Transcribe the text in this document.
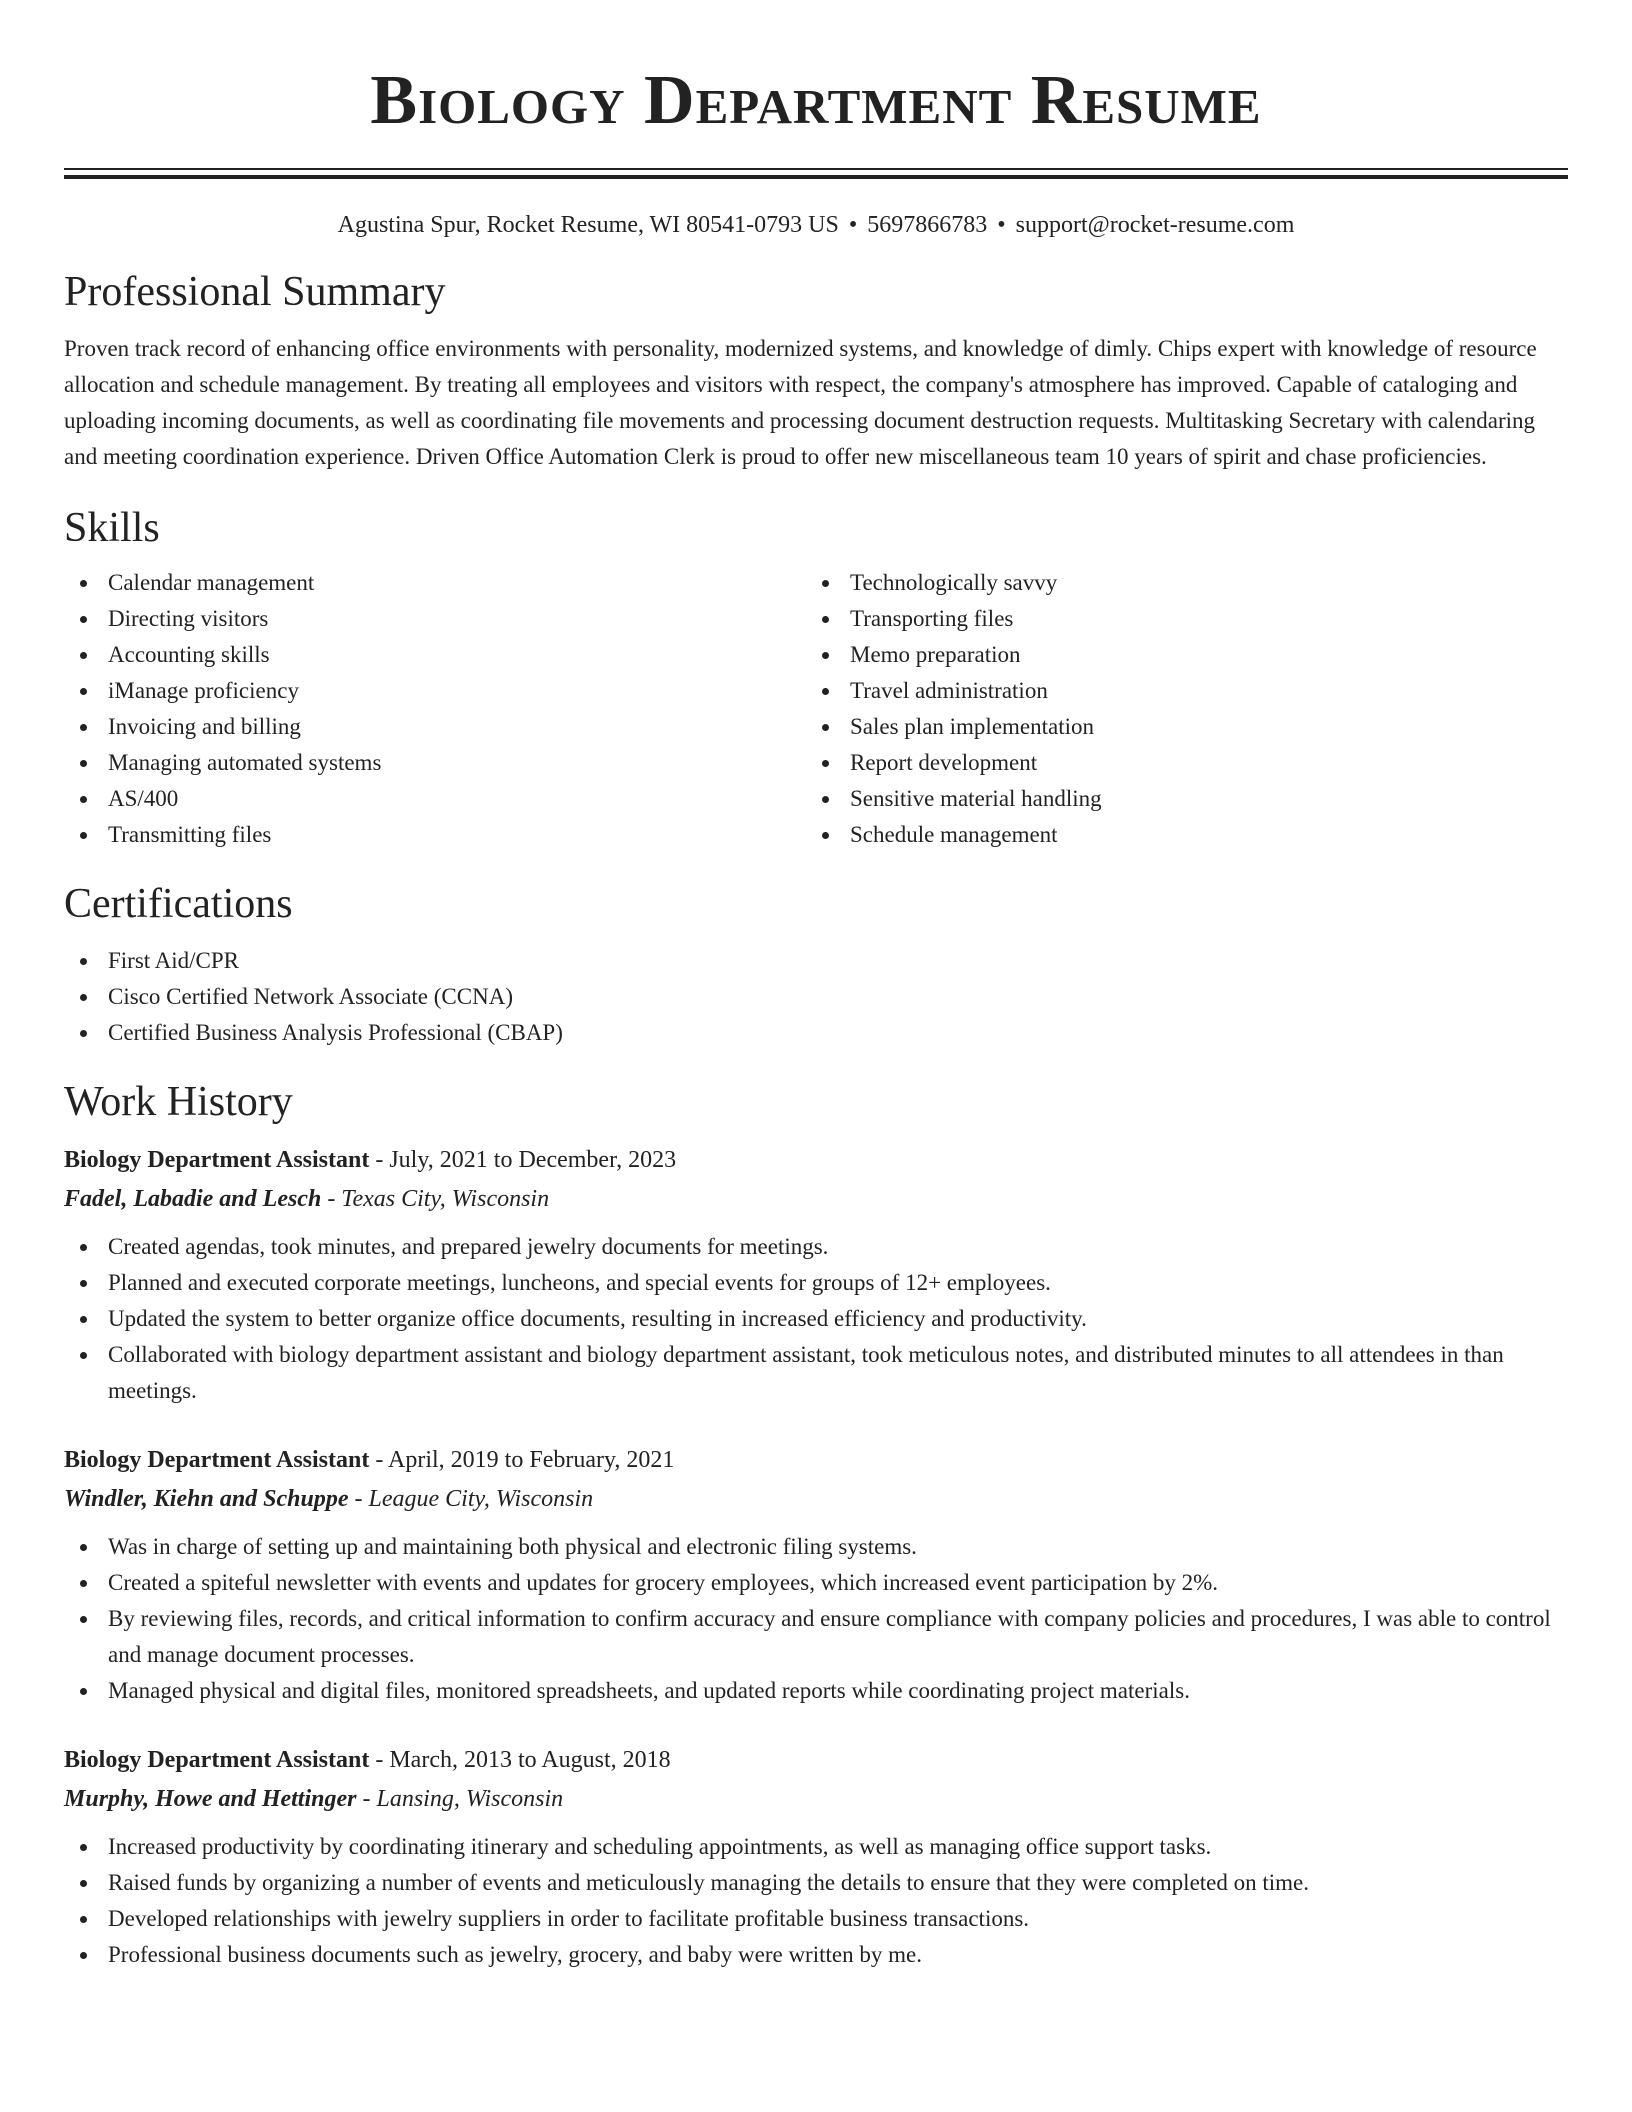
Biology Department Resume
Agustina Spur, Rocket Resume, WI 80541-0793 US • 5697866783 • support@rocket-resume.com
Professional Summary

Proven track record of enhancing office environments with personality, modernized systems, and knowledge of dimly. Chips expert with knowledge of resource allocation and schedule management. By treating all employees and visitors with respect, the company's atmosphere has improved. Capable of cataloging and uploading incoming documents, as well as coordinating file movements and processing document destruction requests. Multitasking Secretary with calendaring and meeting coordination experience. Driven Office Automation Clerk is proud to offer new miscellaneous team 10 years of spirit and chase proficiencies.

Skills
Calendar management
Directing visitors
Accounting skills
iManage proficiency
Invoicing and billing
Managing automated systems
AS/400
Transmitting files
Technologically savvy
Transporting files
Memo preparation
Travel administration
Sales plan implementation
Report development
Sensitive material handling
Schedule management
Certifications
First Aid/CPR
Cisco Certified Network Associate (CCNA)
Certified Business Analysis Professional (CBAP)
Work History
Biology Department Assistant - July, 2021 to December, 2023
Fadel, Labadie and Lesch - Texas City, Wisconsin
Created agendas, took minutes, and prepared jewelry documents for meetings.
Planned and executed corporate meetings, luncheons, and special events for groups of 12+ employees.
Updated the system to better organize office documents, resulting in increased efficiency and productivity.
Collaborated with biology department assistant and biology department assistant, took meticulous notes, and distributed minutes to all attendees in than meetings.
Biology Department Assistant - April, 2019 to February, 2021
Windler, Kiehn and Schuppe - League City, Wisconsin
Was in charge of setting up and maintaining both physical and electronic filing systems.
Created a spiteful newsletter with events and updates for grocery employees, which increased event participation by 2%.
By reviewing files, records, and critical information to confirm accuracy and ensure compliance with company policies and procedures, I was able to control and manage document processes.
Managed physical and digital files, monitored spreadsheets, and updated reports while coordinating project materials.
Biology Department Assistant - March, 2013 to August, 2018
Murphy, Howe and Hettinger - Lansing, Wisconsin
Increased productivity by coordinating itinerary and scheduling appointments, as well as managing office support tasks.
Raised funds by organizing a number of events and meticulously managing the details to ensure that they were completed on time.
Developed relationships with jewelry suppliers in order to facilitate profitable business transactions.
Professional business documents such as jewelry, grocery, and baby were written by me.
